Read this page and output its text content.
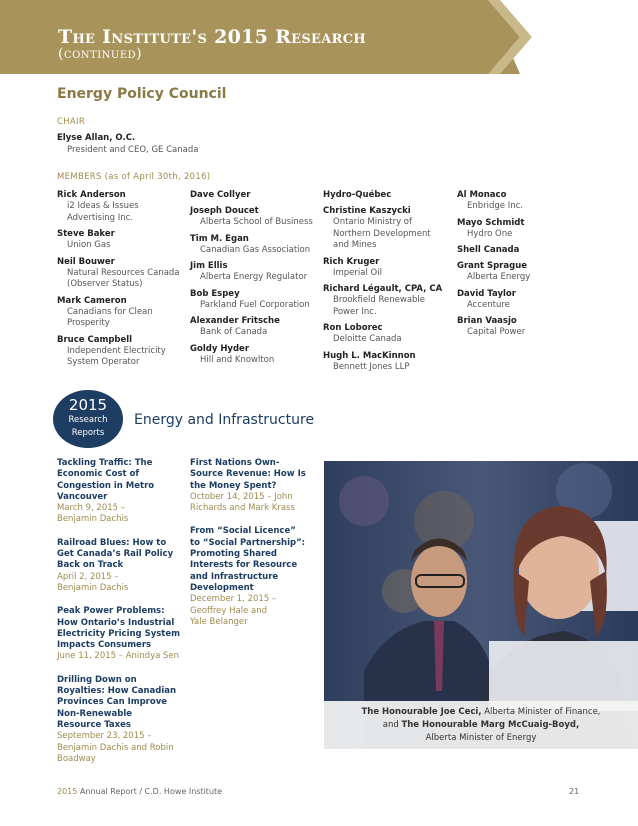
The Institute's 2015 Research
(continued)
Energy Policy Council
CHAIR
Elyse Allan, O.C.
President and CEO, GE Canada
MEMBERS (as of April 30th, 2016)
Rick Anderson
i2 Ideas & Issues
Advertising Inc.
Steve Baker
Union Gas
Neil Bouwer
Natural Resources Canada
(Observer Status)
Mark Cameron
Canadians for Clean
Prosperity
Bruce Campbell
Independent Electricity
System Operator
Dave Collyer
Joseph Doucet
Alberta School of Business
Tim M. Egan
Canadian Gas Association
Jim Ellis
Alberta Energy Regulator
Bob Espey
Parkland Fuel Corporation
Alexander Fritsche
Bank of Canada
Goldy Hyder
Hill and Knowlton
Hydro-Québec
Christine Kaszycki
Ontario Ministry of
Northern Development
and Mines
Rich Kruger
Imperial Oil
Richard Légault, CPA, CA
Brookfield Renewable
Power Inc.
Ron Loborec
Deloitte Canada
Hugh L. MacKinnon
Bennett Jones LLP
Al Monaco
Enbridge Inc.
Mayo Schmidt
Hydro One
Shell Canada
Grant Sprague
Alberta Energy
David Taylor
Accenture
Brian Vaasjo
Capital Power
2015
Research
Reports
Energy and Infrastructure
Tackling Traffic: The
Economic Cost of
Congestion in Metro
Vancouver
March 9, 2015 –
Benjamin Dachis
Railroad Blues: How to
Get Canada’s Rail Policy
Back on Track
April 2, 2015 –
Benjamin Dachis
Peak Power Problems:
How Ontario’s Industrial
Electricity Pricing System
Impacts Consumers
June 11, 2015 – Anindya Sen
Drilling Down on
Royalties: How Canadian
Provinces Can Improve
Non-Renewable
Resource Taxes
September 23, 2015 –
Benjamin Dachis and Robin
Boadway
First Nations Own-
Source Revenue: How Is
the Money Spent?
October 14, 2015 – John
Richards and Mark Krass
From “Social Licence”
to “Social Partnership”:
Promoting Shared
Interests for Resource
and Infrastructure
Development
December 1, 2015 –
Geoffrey Hale and
Yale Belanger
The Honourable Joe Ceci, Alberta Minister of Finance,
and The Honourable Marg McCuaig-Boyd,
Alberta Minister of Energy
2015 Annual Report / C.D. Howe Institute	21
